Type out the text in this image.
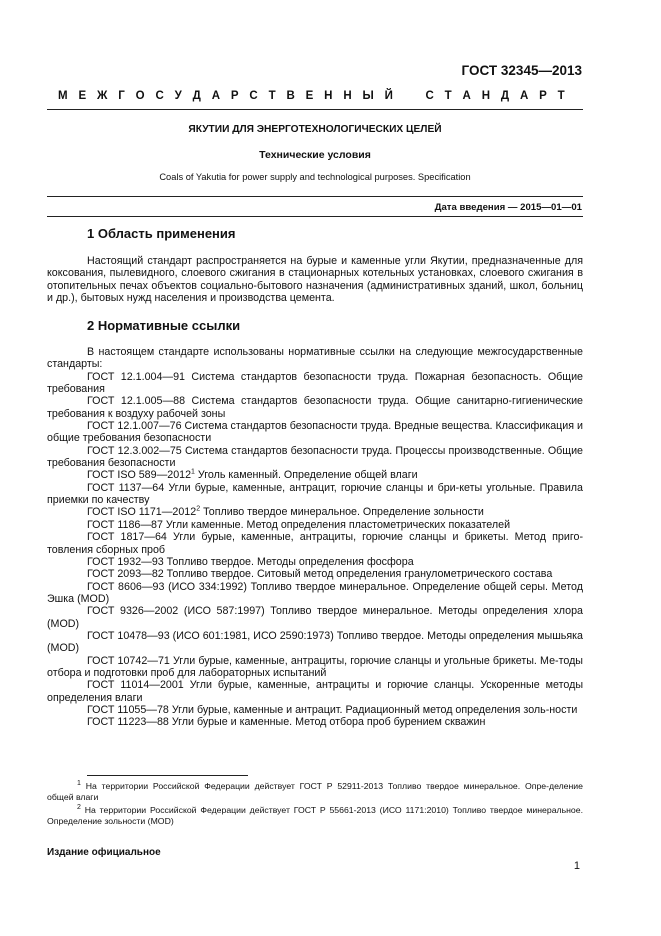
ГОСТ 32345—2013
М Е Ж Г О С У Д А Р С Т В Е Н Н Ы Й	С Т А Н Д А Р Т
ЯКУТИИ ДЛЯ ЭНЕРГОТЕХНОЛОГИЧЕСКИХ ЦЕЛЕЙ
Технические условия
Coals of Yakutia for power supply and technological purposes. Specification
Дата введения — 2015—01—01
1 Область применения

Настоящий стандарт распространяется на бурые и каменные угли Якутии, предназначенные для коксования, пылевидного, слоевого сжигания в стационарных котельных установках, слоевого сжигания в отопительных печах объектов социально-бытового назначения (административных зданий, школ, больниц и др.), бытовых нужд населения и производства цемента.

2 Нормативные ссылки

В настоящем стандарте использованы нормативные ссылки на следующие межгосударственные стандарты:

ГОСТ 12.1.004—91 Система стандартов безопасности труда. Пожарная безопасность. Общие требования

ГОСТ 12.1.005—88 Система стандартов безопасности труда. Общие санитарно-гигиенические требования к воздуху рабочей зоны

ГОСТ 12.1.007—76 Система стандартов безопасности труда. Вредные вещества. Классификация и общие требования безопасности

ГОСТ 12.3.002—75 Система стандартов безопасности труда. Процессы производственные. Общие требования безопасности

ГОСТ ISO 589—2012$^1$ Уголь каменный. Определение общей влаги

ГОСТ 1137—64 Угли бурые, каменные, антрацит, горючие сланцы и бри-кеты угольные. Правила приемки по качеству

ГОСТ ISO 1171—2012$^2$ Топливо твердое минеральное. Определение зольности

ГОСТ 1186—87 Угли каменные. Метод определения пластометрических показателей

ГОСТ 1817—64 Угли бурые, каменные, антрациты, горючие сланцы и брикеты. Метод приго-товления сборных проб

ГОСТ 1932—93 Топливо твердое. Методы определения фосфора

ГОСТ 2093—82 Топливо твердое. Ситовый метод определения гранулометрического состава

ГОСТ 8606—93 (ИСО 334:1992) Топливо твердое минеральное. Определение общей серы. Метод Эшка (MOD)

ГОСТ 9326—2002 (ИСО 587:1997) Топливо твердое минеральное. Методы определения хлора (MOD)

ГОСТ 10478—93 (ИСО 601:1981, ИСО 2590:1973) Топливо твердое. Методы определения мышьяка (MOD)

ГОСТ 10742—71 Угли бурые, каменные, антрациты, горючие сланцы и угольные брикеты. Ме-тоды отбора и подготовки проб для лабораторных испытаний

ГОСТ 11014—2001 Угли бурые, каменные, антрациты и горючие сланцы. Ускоренные методы определения влаги

ГОСТ 11055—78 Угли бурые, каменные и антрацит. Радиационный метод определения золь-ности

ГОСТ 11223—88 Угли бурые и каменные. Метод отбора проб бурением скважин

$^1$ На территории Российской Федерации действует ГОСТ Р 52911-2013 Топливо твердое минеральное. Опре-деление общей влаги

$^2$ На территории Российской Федерации действует ГОСТ Р 55661-2013 (ИСО 1171:2010) Топливо твердое минеральное. Определение зольности (MOD)

Издание официальное
1
